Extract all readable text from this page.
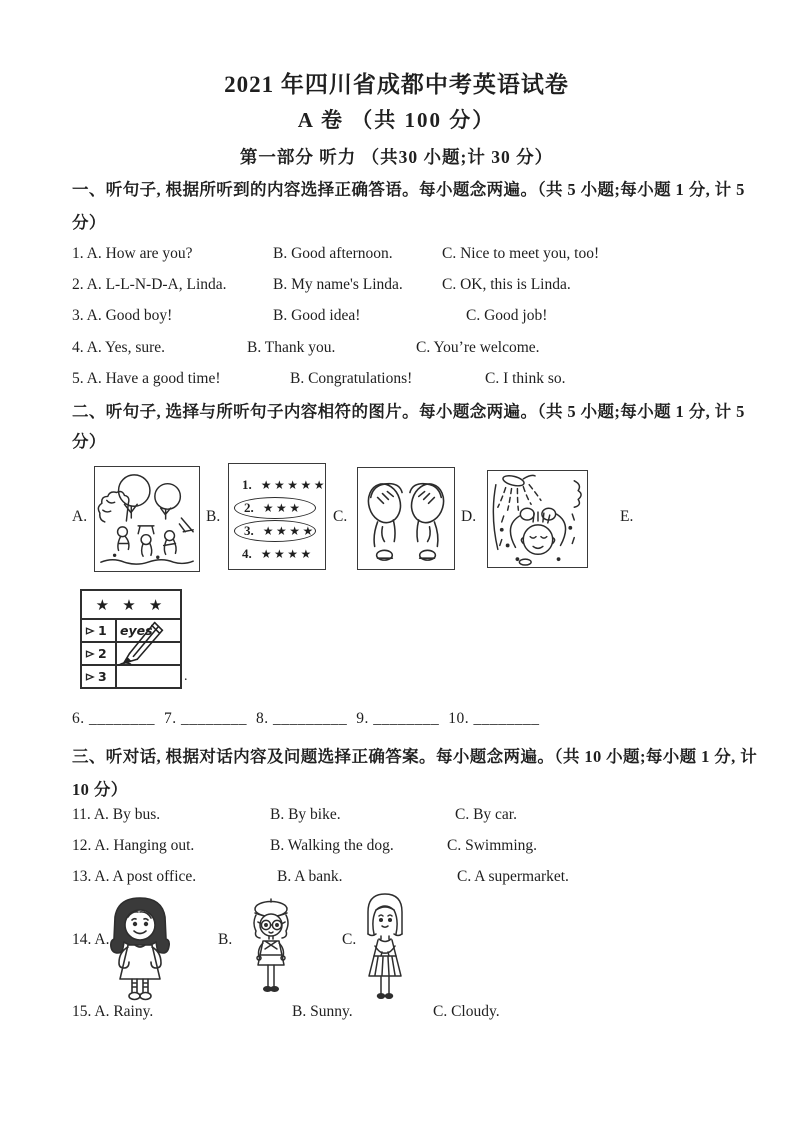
2021 年四川省成都中考英语试卷
A 卷 （共 100 分）
第一部分 听力 （共30 小题;计 30 分）
一、听句子, 根据所听到的内容选择正确答语。每小题念两遍。（共 5 小题;每小题 1 分, 计 5
分）
1. A. How are you?	B. Good afternoon.	C. Nice to meet you, too!
2. A. L-L-N-D-A, Linda.	B. My name's Linda.	C. OK, this is Linda.
3. A. Good boy!	B. Good idea!	C. Good job!
4. A. Yes, sure.	B. Thank you.	C. You’re welcome.
5. A. Have a good time!	B. Congratulations!	C. I think so.
二、听句子, 选择与所听句子内容相符的图片。每小题念两遍。（共 5 小题;每小题 1 分, 计 5
分）
A.	B.	C.	D.	E.
1. ★★★★★
2. ★★★
3. ★★★★
4. ★★★★
★ ★ ★	

1	eyes

2	

3	
		.
6. ________ 7. ________ 8. _________ 9. ________ 10. ________
三、听对话, 根据对话内容及问题选择正确答案。每小题念两遍。（共 10 小题;每小题 1 分, 计
10 分）
11. A. By bus.	B. By bike.	C. By car.
12. A. Hanging out.	B. Walking the dog.	C. Swimming.
13. A. A post office.	B. A bank.	C. A supermarket.
14. A.	B.	C.
15. A. Rainy.	B. Sunny.	C. Cloudy.
